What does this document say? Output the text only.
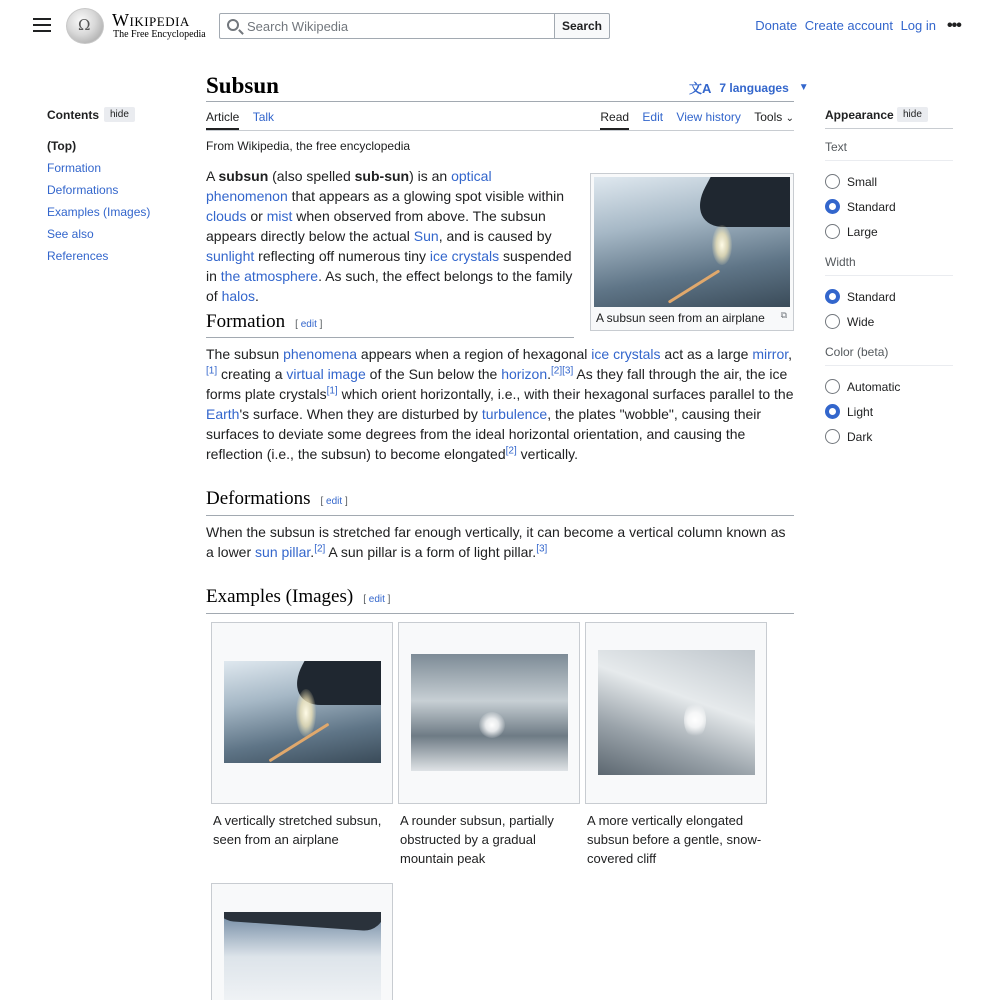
Ω
Wikipedia
The Free Encyclopedia
Search Wikipedia
Search	Donate Create account Log in •••
Contents	hide
(Top)
Formation
Deformations
Examples (Images)
See also
References
Appearance hide
Text
Small
Standard
Large
Width
Standard
Wide
Color (beta)
Automatic
Light
Dark
Subsun	文A 7 languages ▼
Article Talk	Read Edit View history Tools ⌄
From Wikipedia, the free encyclopedia
A subsun seen from an airplane ⧉
A subsun (also spelled sub-sun) is an optical phenomenon that appears as a glowing spot visible within clouds or mist when observed from above. The subsun appears directly below the actual Sun, and is caused by sunlight reflecting off numerous tiny ice crystals suspended in the atmosphere. As such, the effect belongs to the family of halos.
Formation [ edit ]
The subsun phenomena appears when a region of hexagonal ice crystals act as a large mirror,[1] creating a virtual image of the Sun below the horizon.[2][3] As they fall through the air, the ice forms plate crystals[1] which orient horizontally, i.e., with their hexagonal surfaces parallel to the Earth's surface. When they are disturbed by turbulence, the plates "wobble", causing their surfaces to deviate some degrees from the ideal horizontal orientation, and causing the reflection (i.e., the subsun) to become elongated[2] vertically.
Deformations [ edit ]
When the subsun is stretched far enough vertically, it can become a vertical column known as a lower sun pillar.[2] A sun pillar is a form of light pillar.[3]
Examples (Images) [ edit ]
A vertically stretched subsun, seen from an airplane
A rounder subsun, partially obstructed by a gradual mountain peak
A more vertically elongated subsun before a gentle, snow-covered cliff
